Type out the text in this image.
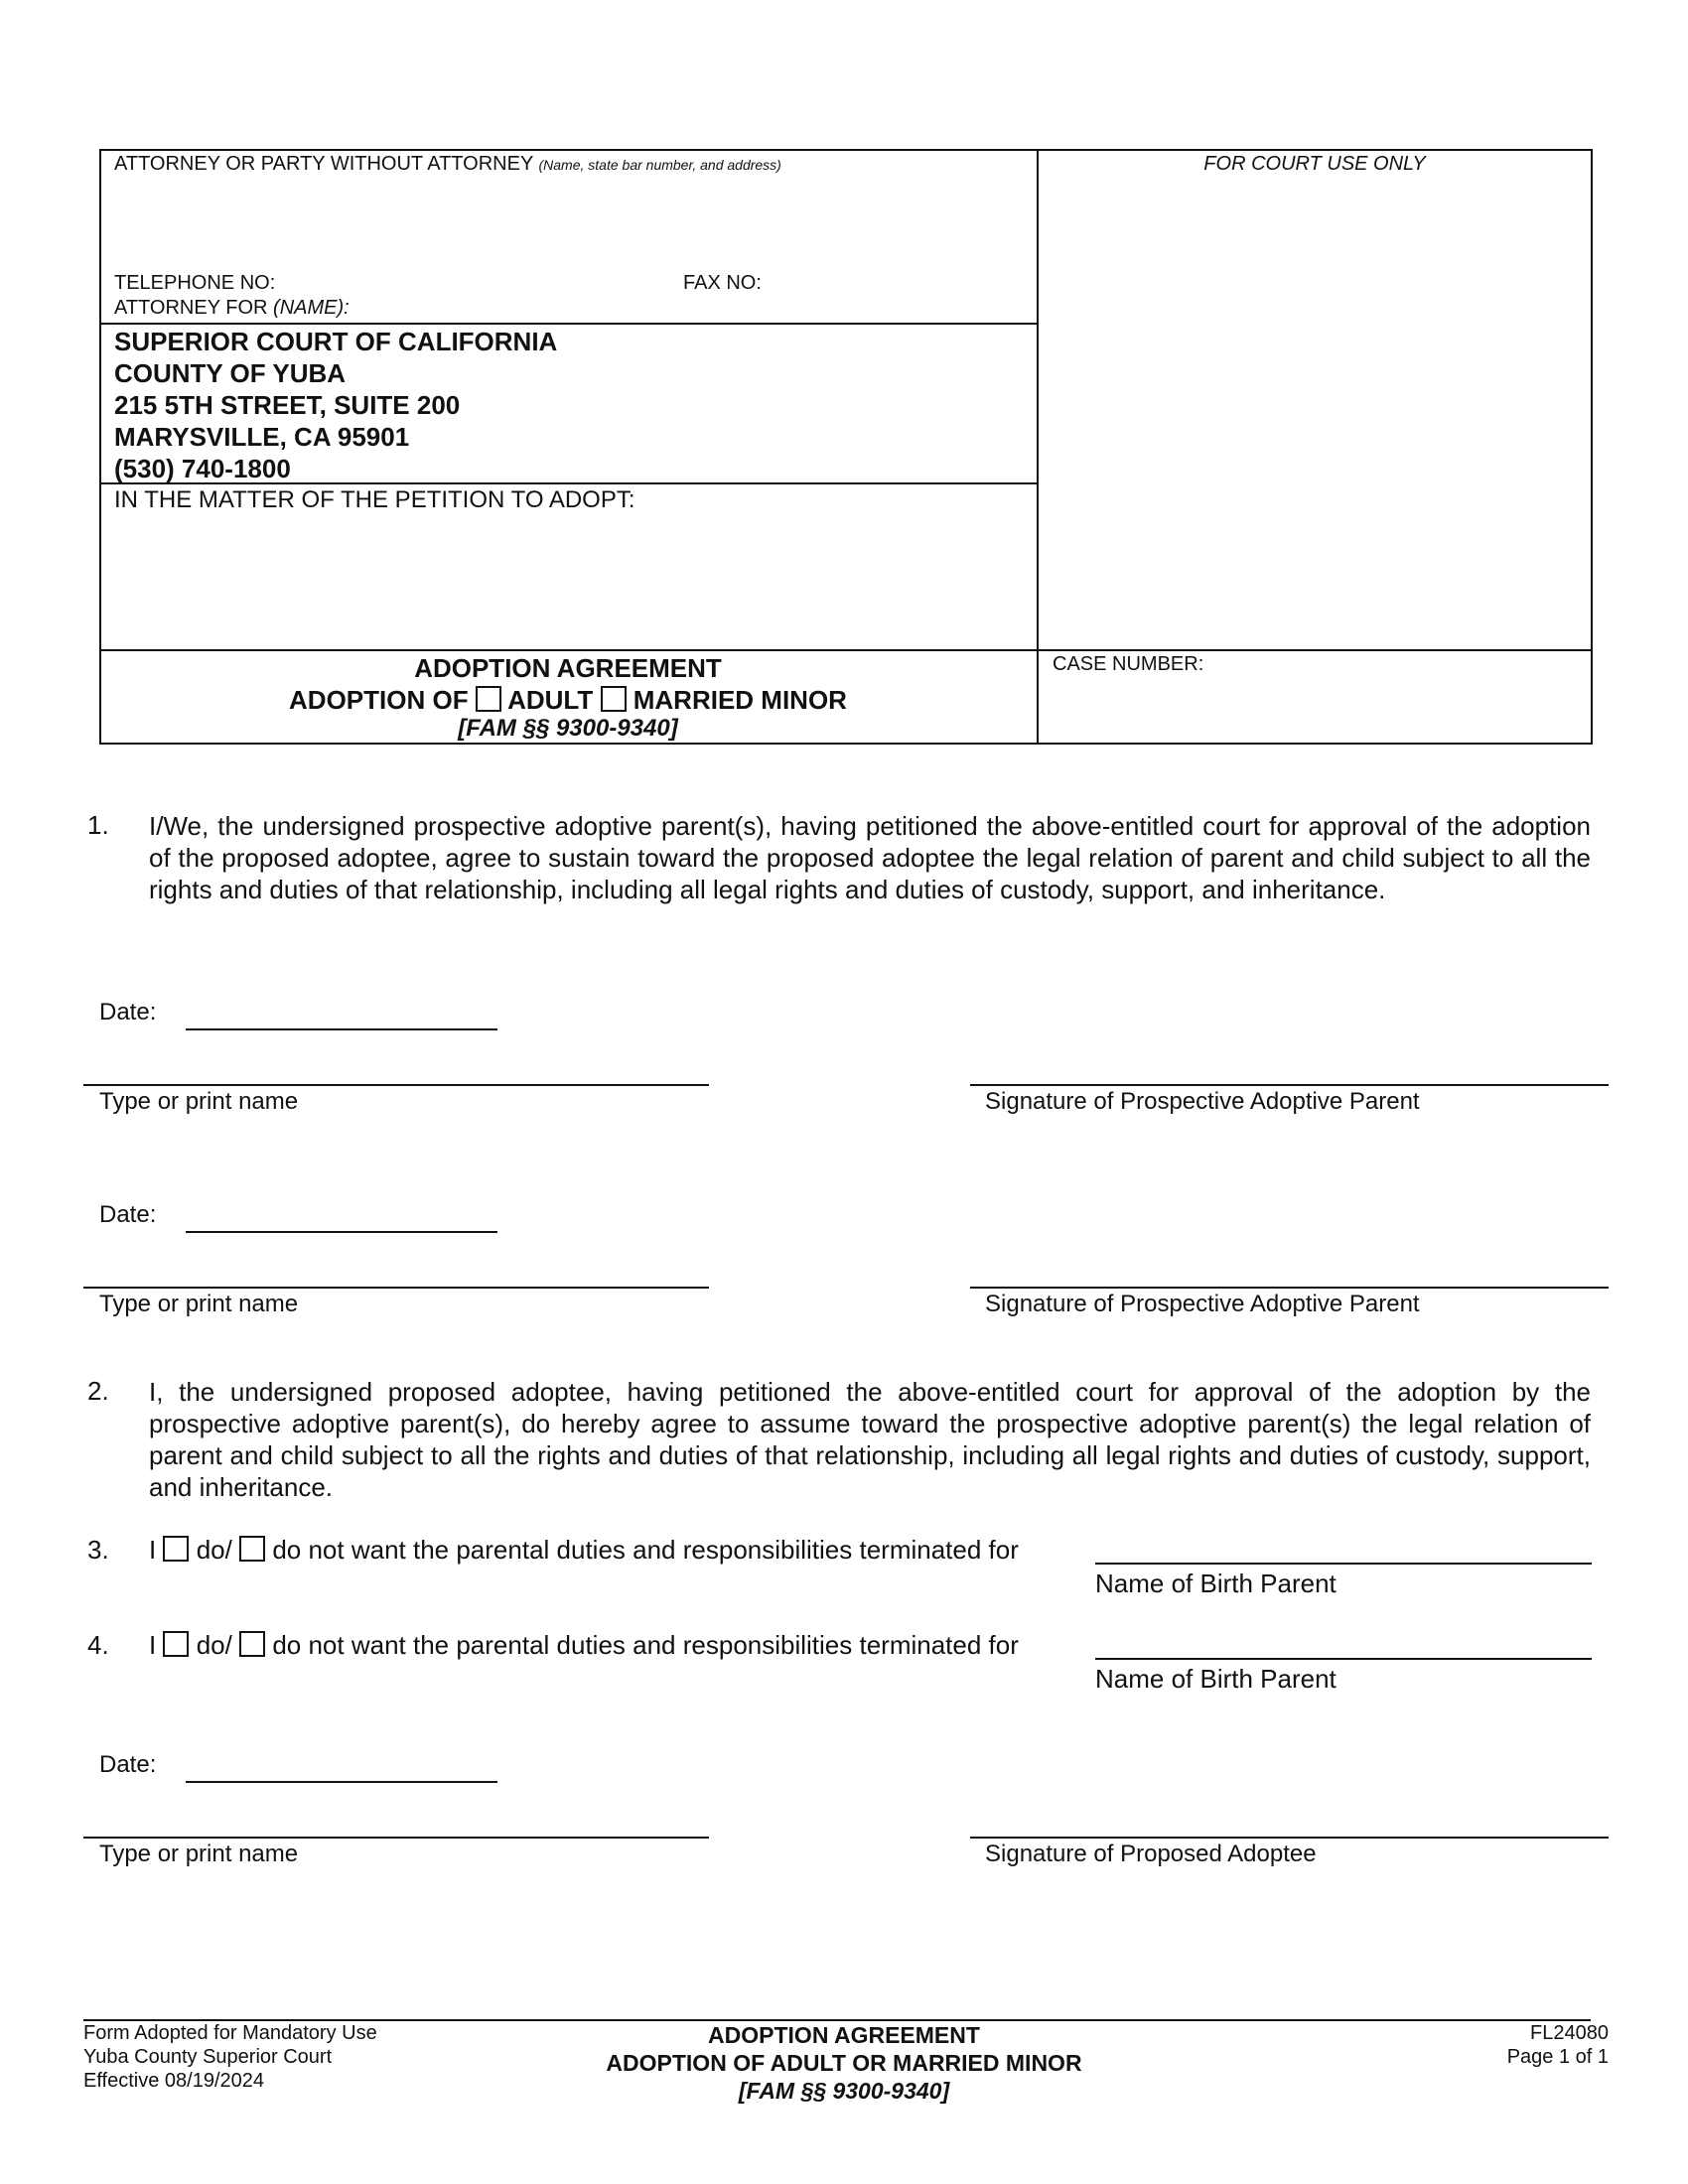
ATTORNEY OR PARTY WITHOUT ATTORNEY (Name, state bar number, and address)	FOR COURT USE ONLY
TELEPHONE NO:	FAX NO:
ATTORNEY FOR (NAME):
SUPERIOR COURT OF CALIFORNIA
COUNTY OF YUBA
215 5TH STREET, SUITE 200
MARYSVILLE, CA 95901
(530) 740-1800
IN THE MATTER OF THE PETITION TO ADOPT:
ADOPTION AGREEMENT
ADOPTION OF ADULT MARRIED MINOR
[FAM §§ 9300-9340]
CASE NUMBER:
1. I/We, the undersigned prospective adoptive parent(s), having petitioned the above-entitled court for approval of the adoption of the proposed adoptee, agree to sustain toward the proposed adoptee the legal relation of parent and child subject to all the rights and duties of that relationship, including all legal rights and duties of custody, support, and inheritance.
Date:
Type or print name	Signature of Prospective Adoptive Parent
Date:
Type or print name	Signature of Prospective Adoptive Parent
2. I, the undersigned proposed adoptee, having petitioned the above-entitled court for approval of the adoption by the prospective adoptive parent(s), do hereby agree to assume toward the prospective adoptive parent(s) the legal relation of parent and child subject to all the rights and duties of that relationship, including all legal rights and duties of custody, support, and inheritance.
3. I do/ do not want the parental duties and responsibilities terminated for
Name of Birth Parent
4. I do/ do not want the parental duties and responsibilities terminated for
Name of Birth Parent
Date:
Type or print name	Signature of Proposed Adoptee
Form Adopted for Mandatory Use
Yuba County Superior Court
Effective 08/19/2024
ADOPTION AGREEMENT
ADOPTION OF ADULT OR MARRIED MINOR
[FAM §§ 9300-9340]
FL24080
Page 1 of 1
